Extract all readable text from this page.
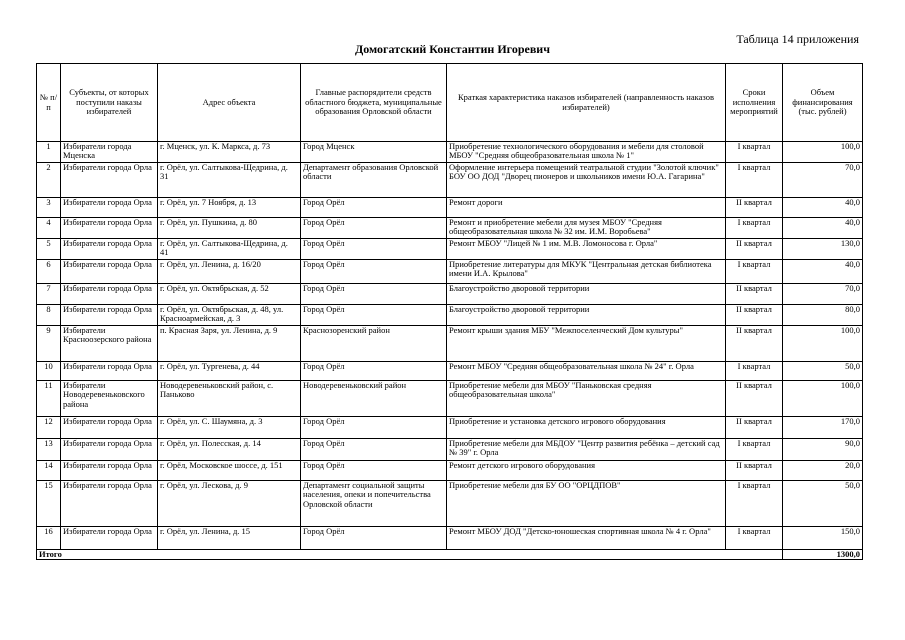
Таблица 14 приложения
Домогатский Константин Игоревич
№ п/п	Субъекты, от которых поступили наказы избирателей	Адрес объекта	Главные распорядители средств областного бюджета, муниципальные образования Орловской области	Краткая характеристика наказов избирателей (направленность наказов избирателей)	Сроки исполнения мероприятий	Объем финансирования (тыс. рублей)
1	Избиратели города Мценска	г. Мценск, ул. К. Маркса, д. 73	Город Мценск	Приобретение технологического оборудования и мебели для столовой МБОУ "Средняя общеобразовательная школа № 1"	I квартал	100,0
2	Избиратели города Орла	г. Орёл, ул. Салтыкова-Щедрина, д. 31	Департамент образования Орловской области	Оформление интерьера помещений театральной студии "Золотой ключик" БОУ ОО ДОД "Дворец пионеров и школьников имени Ю.А. Гагарина"	I квартал	70,0
3	Избиратели города Орла	г. Орёл, ул. 7 Ноября, д. 13	Город Орёл	Ремонт дороги	II квартал	40,0
4	Избиратели города Орла	г. Орёл, ул. Пушкина, д. 80	Город Орёл	Ремонт и приобретение мебели для музея МБОУ "Средняя общеобразовательная школа № 32 им. И.М. Воробьева"	I квартал	40,0
5	Избиратели города Орла	г. Орёл, ул. Салтыкова-Щедрина, д. 41	Город Орёл	Ремонт МБОУ "Лицей № 1 им. М.В. Ломоносова г. Орла"	II квартал	130,0
6	Избиратели города Орла	г. Орёл, ул. Ленина, д. 16/20	Город Орёл	Приобретение литературы для МКУК "Центральная детская библиотека имени И.А. Крылова"	I квартал	40,0
7	Избиратели города Орла	г. Орёл, ул. Октябрьская, д. 52	Город Орёл	Благоустройство дворовой территории	II квартал	70,0
8	Избиратели города Орла	г. Орёл, ул. Октябрьская, д. 48, ул. Красноармейская, д. 3	Город Орёл	Благоустройство дворовой территории	II квартал	80,0
9	Избиратели Красноозерского района	п. Красная Заря, ул. Ленина, д. 9	Краснозоренский район	Ремонт крыши здания МБУ "Межпоселенческий Дом культуры"	II квартал	100,0
10	Избиратели города Орла	г. Орёл, ул. Тургенева, д. 44	Город Орёл	Ремонт МБОУ "Средняя общеобразовательная школа № 24" г. Орла	I квартал	50,0
11	Избиратели Новодеревеньковского района	Новодеревеньковский район, с. Паньково	Новодеревеньковский район	Приобретение мебели для МБОУ "Паньковская средняя общеобразовательная школа"	II квартал	100,0
12	Избиратели города Орла	г. Орёл, ул. С. Шаумяна, д. 3	Город Орёл	Приобретение и установка детского игрового оборудования	II квартал	170,0
13	Избиратели города Орла	г. Орёл, ул. Полесская, д. 14	Город Орёл	Приобретение мебели для МБДОУ "Центр развития ребёнка – детский сад № 39" г. Орла	I квартал	90,0
14	Избиратели города Орла	г. Орёл, Московское шоссе, д. 151	Город Орёл	Ремонт детского игрового оборудования	II квартал	20,0
15	Избиратели города Орла	г. Орёл, ул. Лескова, д. 9	Департамент социальной защиты населения, опеки и попечительства Орловской области	Приобретение мебели для БУ ОО "ОРЦДПОВ"	I квартал	50,0
16	Избиратели города Орла	г. Орёл, ул. Ленина, д. 15	Город Орёл	Ремонт МБОУ ДОД "Детско-юношеская спортивная школа № 4 г. Орла"	I квартал	150,0
Итого						1300,0
